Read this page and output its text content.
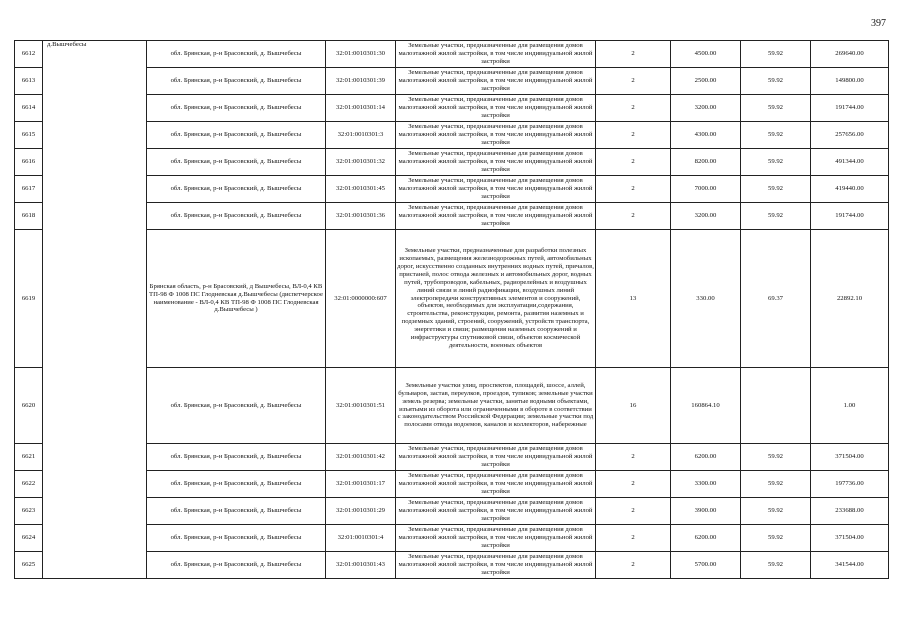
397
6612	д.Вышчебесы	обл. Брянская, р-н Брасовский, д. Вышчебесы	32:01:0010301:30	Земельные участки, предназначенные для размещения домов малоэтажной жилой застройки, в том числе индивидуальной жилой застройки	2	4500.00	59.92	269640.00
6613		обл. Брянская, р-н Брасовский, д. Вышчебесы	32:01:0010301:39	Земельные участки, предназначенные для размещения домов малоэтажной жилой застройки, в том числе индивидуальной жилой застройки	2	2500.00	59.92	149800.00
6614		обл. Брянская, р-н Брасовский, д. Вышчебесы	32:01:0010301:14	Земельные участки, предназначенные для размещения домов малоэтажной жилой застройки, в том числе индивидуальной жилой застройки	2	3200.00	59.92	191744.00
6615		обл. Брянская, р-н Брасовский, д. Вышчебесы	32:01:0010301:3	Земельные участки, предназначенные для размещения домов малоэтажной жилой застройки, в том числе индивидуальной жилой застройки	2	4300.00	59.92	257656.00
6616		обл. Брянская, р-н Брасовский, д. Вышчебесы	32:01:0010301:32	Земельные участки, предназначенные для размещения домов малоэтажной жилой застройки, в том числе индивидуальной жилой застройки	2	8200.00	59.92	491344.00
6617		обл. Брянская, р-н Брасовский, д. Вышчебесы	32:01:0010301:45	Земельные участки, предназначенные для размещения домов малоэтажной жилой застройки, в том числе индивидуальной жилой застройки	2	7000.00	59.92	419440.00
6618		обл. Брянская, р-н Брасовский, д. Вышчебесы	32:01:0010301:36	Земельные участки, предназначенные для размещения домов малоэтажной жилой застройки, в том числе индивидуальной жилой застройки	2	3200.00	59.92	191744.00
6619		Брянская область, р-н Брасовский, д Вышчебесы, ВЛ-0,4 КВ ТП-98 Ф 1008 ПС Глодневская д.Вышчебесы (диспетчерское наименование - ВЛ-0,4 КВ ТП-98 Ф 1008 ПС Глодневская д.Вышчебесы )	32:01:0000000:607	Земельные участки, предназначенные для разработки полезных ископаемых, размещения железнодорожных путей, автомобильных дорог, искусственно созданных внутренних водных путей, причалов, пристаней, полос отвода железных и автомобильных дорог, водных путей, трубопроводов, кабельных, радиорелейных и воздушных линий связи и линий радиофикации, воздушных линий электропередачи конструктивных элементов и сооружений, объектов, необходимых для эксплуатации,содержания, строительства, реконструкции, ремонта, развития наземных и подземных зданий, строений, сооружений, устройств транспорта, энергетики и связи; размещения наземных сооружений и инфраструктуры спутниковой связи, объектов космической деятельности, военных объектов	13	330.00	69.37	22892.10
6620		обл. Брянская, р-н Брасовский, д. Вышчебесы	32:01:0010301:51	Земельные участки улиц, проспектов, площадей, шоссе, аллей, бульваров, застав, переулков, проездов, тупиков; земельные участки земель резерва; земельные участки, занятые водными объектами, изъятыми из оборота или ограниченными в обороте в соответствии с законодательством Российской Федерации; земельные участки под полосами отвода водоемов, каналов и коллекторов, набережные	16	160864.10		1.00
6621		обл. Брянская, р-н Брасовский, д. Вышчебесы	32:01:0010301:42	Земельные участки, предназначенные для размещения домов малоэтажной жилой застройки, в том числе индивидуальной жилой застройки	2	6200.00	59.92	371504.00
6622		обл. Брянская, р-н Брасовский, д. Вышчебесы	32:01:0010301:17	Земельные участки, предназначенные для размещения домов малоэтажной жилой застройки, в том числе индивидуальной жилой застройки	2	3300.00	59.92	197736.00
6623		обл. Брянская, р-н Брасовский, д. Вышчебесы	32:01:0010301:29	Земельные участки, предназначенные для размещения домов малоэтажной жилой застройки, в том числе индивидуальной жилой застройки	2	3900.00	59.92	233688.00
6624		обл. Брянская, р-н Брасовский, д. Вышчебесы	32:01:0010301:4	Земельные участки, предназначенные для размещения домов малоэтажной жилой застройки, в том числе индивидуальной жилой застройки	2	6200.00	59.92	371504.00
6625		обл. Брянская, р-н Брасовский, д. Вышчебесы	32:01:0010301:43	Земельные участки, предназначенные для размещения домов малоэтажной жилой застройки, в том числе индивидуальной жилой застройки	2	5700.00	59.92	341544.00
